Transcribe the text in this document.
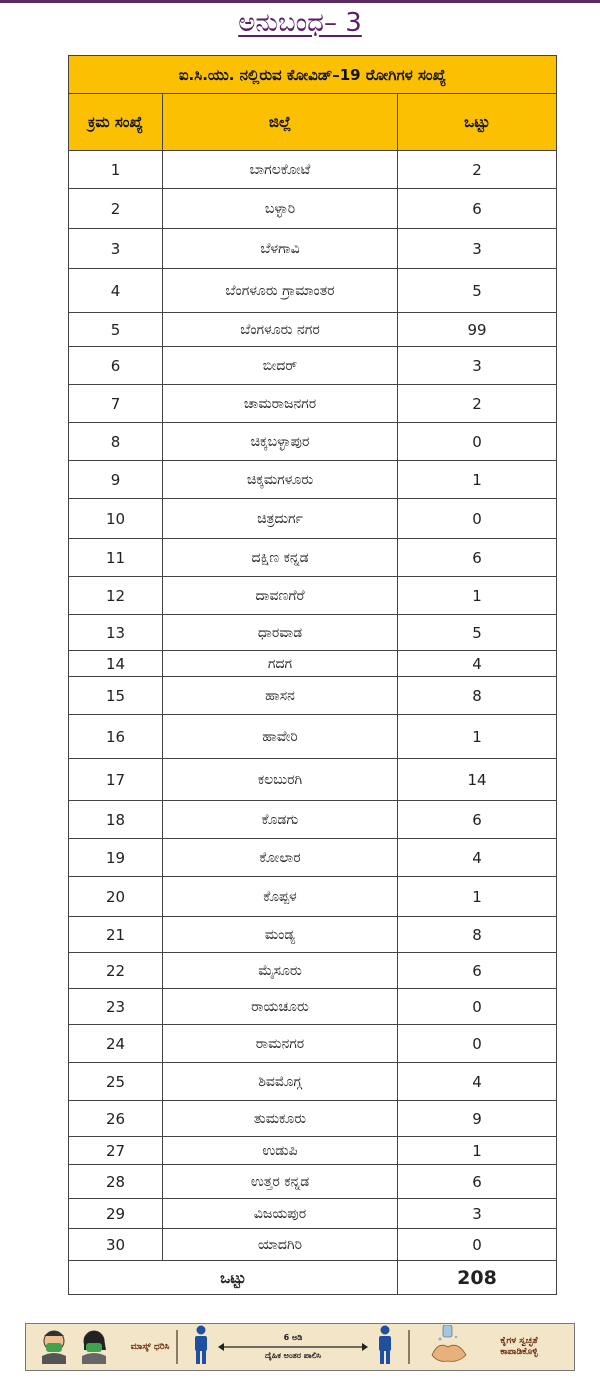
ಅನುಬಂಧ– 3
ಐ.ಸಿ.ಯು. ನಲ್ಲಿರುವ ಕೋವಿಡ್–19 ರೋಗಿಗಳ ಸಂಖ್ಯೆ		
ಕ್ರಮ ಸಂಖ್ಯೆ	ಜಿಲ್ಲೆ	ಒಟ್ಟು
1	ಬಾಗಲಕೋಟೆ	2
2	ಬಳ್ಳಾರಿ	6
3	ಬೆಳಗಾವಿ	3
4	ಬೆಂಗಳೂರು ಗ್ರಾಮಾಂತರ	5
5	ಬೆಂಗಳೂರು ನಗರ	99
6	ಬೀದರ್	3
7	ಚಾಮರಾಜನಗರ	2
8	ಚಿಕ್ಕಬಳ್ಳಾಪುರ	0
9	ಚಿಕ್ಕಮಗಳೂರು	1
10	ಚಿತ್ರದುರ್ಗ	0
11	ದಕ್ಷಿಣ ಕನ್ನಡ	6
12	ದಾವಣಗೆರೆ	1
13	ಧಾರವಾಡ	5
14	ಗದಗ	4
15	ಹಾಸನ	8
16	ಹಾವೇರಿ	1
17	ಕಲಬುರಗಿ	14
18	ಕೊಡಗು	6
19	ಕೋಲಾರ	4
20	ಕೊಪ್ಪಳ	1
21	ಮಂಡ್ಯ	8
22	ಮೈಸೂರು	6
23	ರಾಯಚೂರು	0
24	ರಾಮನಗರ	0
25	ಶಿವಮೊಗ್ಗ	4
26	ತುಮಕೂರು	9
27	ಉಡುಪಿ	1
28	ಉತ್ತರ ಕನ್ನಡ	6
29	ವಿಜಯಪುರ	3
30	ಯಾದಗಿರಿ	0
ಒಟ್ಟು		208
ಮಾಸ್ಕ್ ಧರಿಸಿ
6 ಅಡಿ
ದೈಹಿಕ ಅಂತರ ಪಾಲಿಸಿ
ಕೈಗಳ ಸ್ವಚ್ಛತೆ ಕಾಪಾಡಿಕೊಳ್ಳಿ
